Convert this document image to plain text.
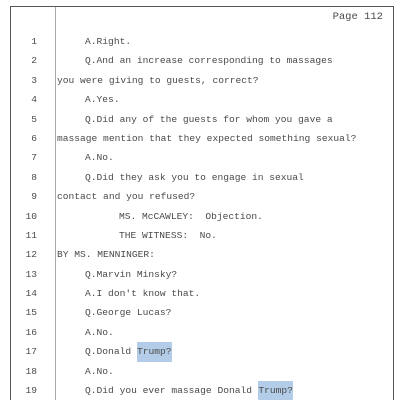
Page 112
1	A. Right.
2	Q. And an increase corresponding to massages
3 you were giving to guests, correct?
4	A. Yes.
5	Q. Did any of the guests for whom you gave a
6 massage mention that they expected something sexual?
7	A. No.
8	Q. Did they ask you to engage in sexual
9 contact and you refused?
10	MS. McCAWLEY:  Objection.
11	THE WITNESS:  No.
12 BY MS. MENNINGER:
13	Q. Marvin Minsky?
14	A. I don't know that.
15	Q. George Lucas?
16	A. No.
17	Q. Donald Trump?
18	A. No.
19	Q. Did you ever massage Donald Trump?
